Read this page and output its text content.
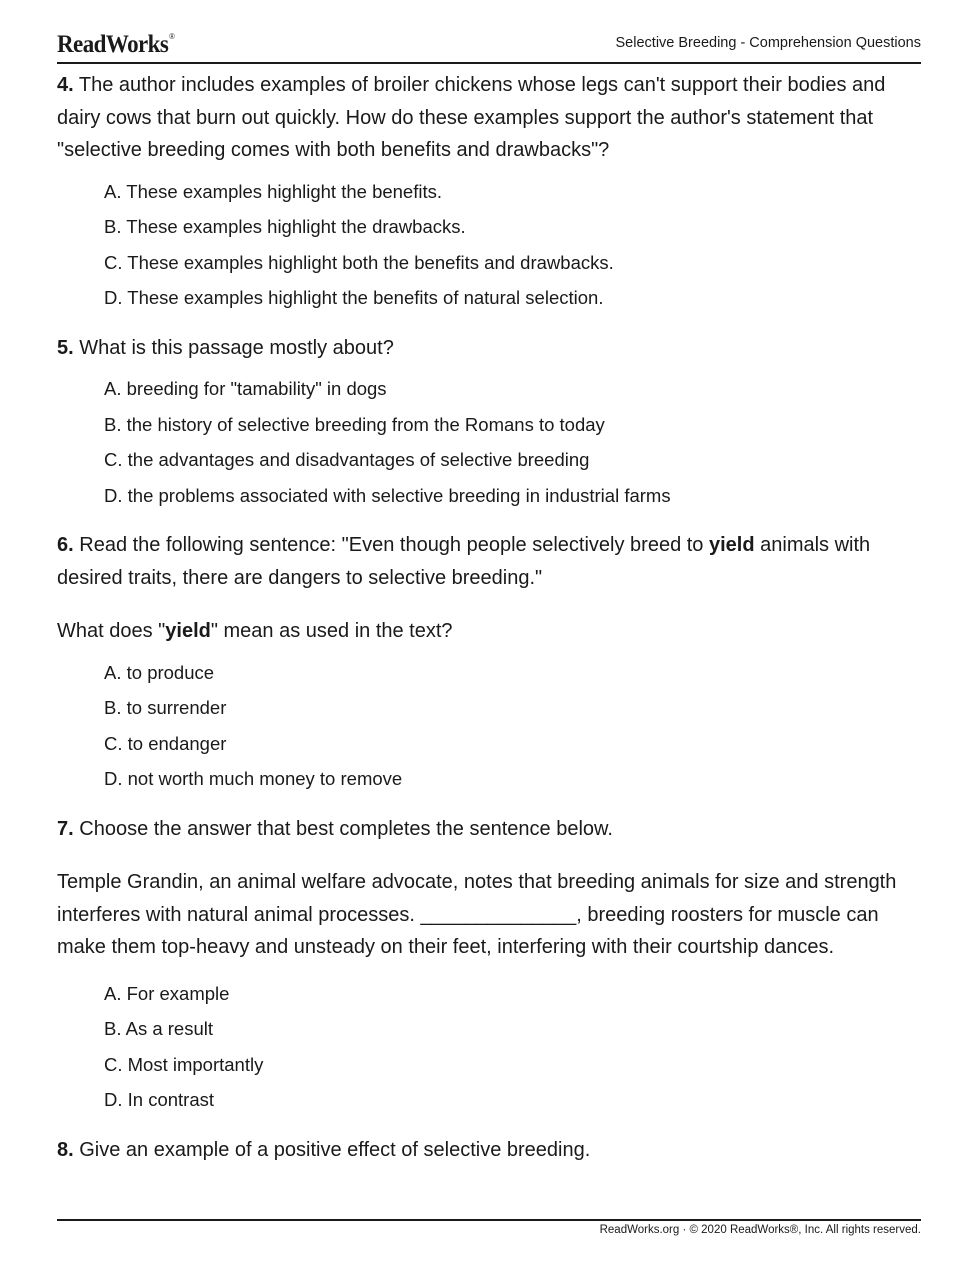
ReadWorks®	Selective Breeding - Comprehension Questions

4. The author includes examples of broiler chickens whose legs can't support their bodies and dairy cows that burn out quickly. How do these examples support the author's statement that "selective breeding comes with both benefits and drawbacks"?

A. These examples highlight the benefits.
B. These examples highlight the drawbacks.
C. These examples highlight both the benefits and drawbacks.
D. These examples highlight the benefits of natural selection.

5. What is this passage mostly about?

A. breeding for "tamability" in dogs
B. the history of selective breeding from the Romans to today
C. the advantages and disadvantages of selective breeding
D. the problems associated with selective breeding in industrial farms

6. Read the following sentence: "Even though people selectively breed to yield animals with desired traits, there are dangers to selective breeding."

What does "yield" mean as used in the text?

A. to produce
B. to surrender
C. to endanger
D. not worth much money to remove

7. Choose the answer that best completes the sentence below.

Temple Grandin, an animal welfare advocate, notes that breeding animals for size and strength interferes with natural animal processes. ______________, breeding roosters for muscle can make them top-heavy and unsteady on their feet, interfering with their courtship dances.

A. For example
B. As a result
C. Most importantly
D. In contrast

8. Give an example of a positive effect of selective breeding.

ReadWorks.org · © 2020 ReadWorks®, Inc. All rights reserved.
